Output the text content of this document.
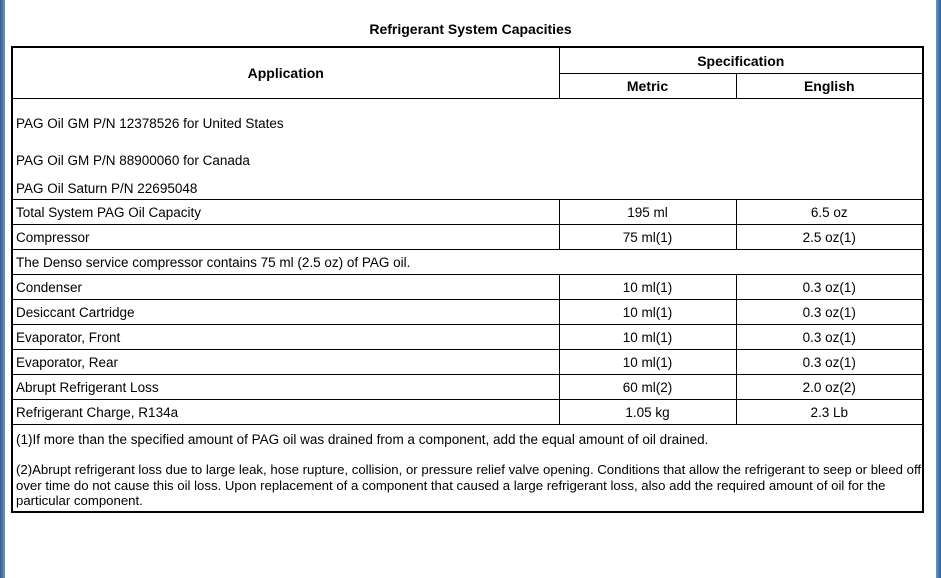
Refrigerant System Capacities
Application	Specification	
	Metric	English
PAG Oil GM P/N 12378526 for United States		
PAG Oil GM P/N 88900060 for Canada		
PAG Oil Saturn P/N 22695048		
Total System PAG Oil Capacity	195 ml	6.5 oz
Compressor	75 ml(1)	2.5 oz(1)
The Denso service compressor contains 75 ml (2.5 oz) of PAG oil.		
Condenser	10 ml(1)	0.3 oz(1)
Desiccant Cartridge	10 ml(1)	0.3 oz(1)
Evaporator, Front	10 ml(1)	0.3 oz(1)
Evaporator, Rear	10 ml(1)	0.3 oz(1)
Abrupt Refrigerant Loss	60 ml(2)	2.0 oz(2)
Refrigerant Charge, R134a	1.05 kg	2.3 Lb
(1)If more than the specified amount of PAG oil was drained from a component, add the equal amount of oil drained.		
(2)Abrupt refrigerant loss due to large leak, hose rupture, collision, or pressure relief valve opening. Conditions that allow the refrigerant to seep or bleed off over time do not cause this oil loss. Upon replacement of a component that caused a large refrigerant loss, also add the required amount of oil for the particular component.		
